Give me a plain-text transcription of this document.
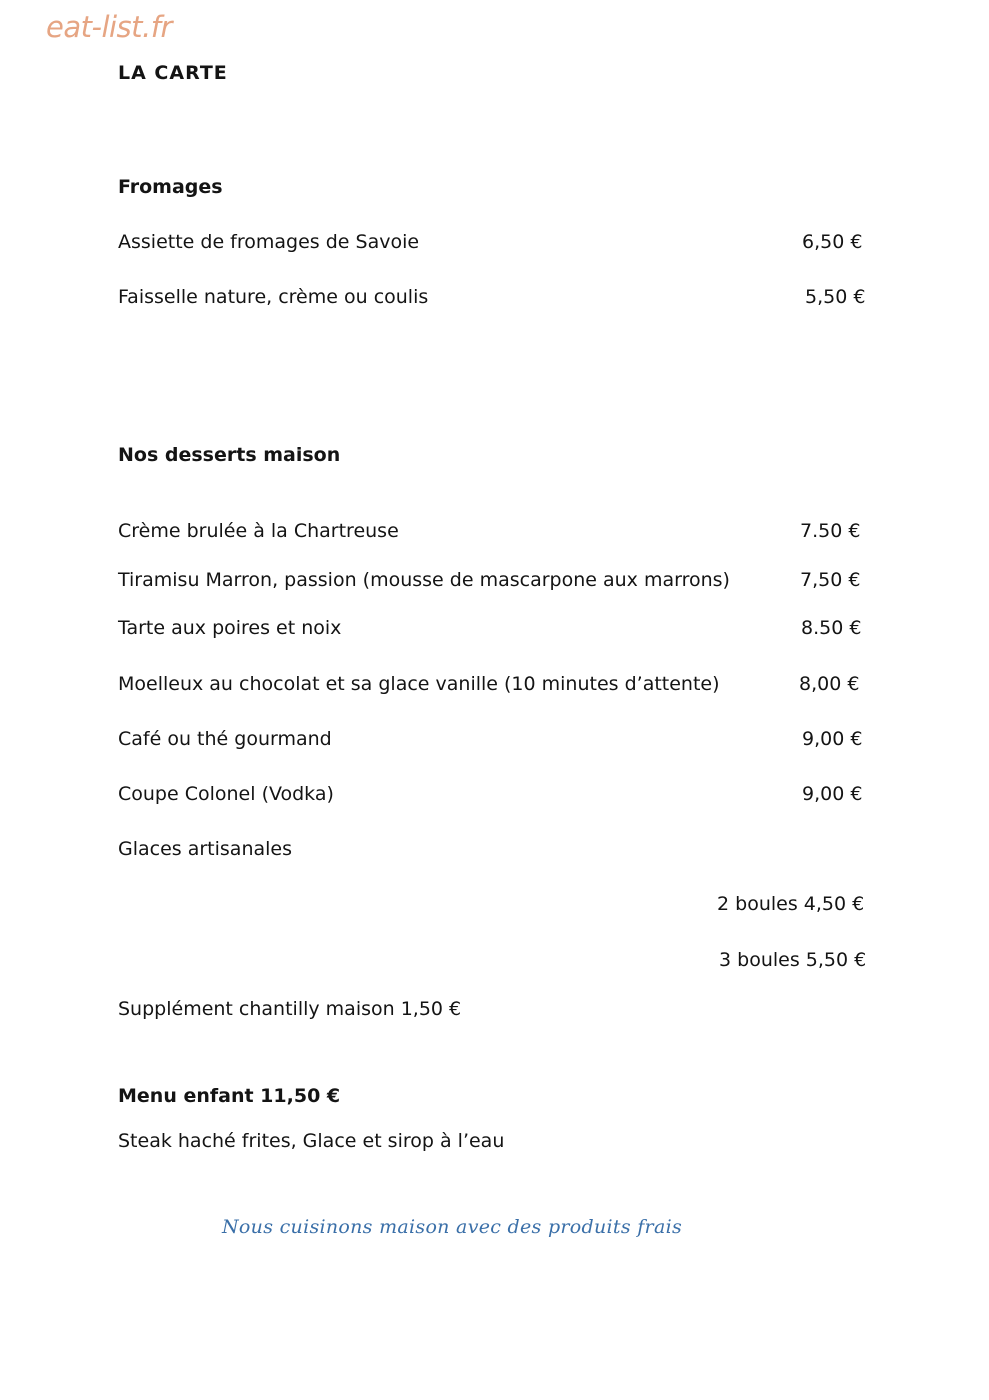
eat-list.fr
LA CARTE
Fromages
Assiette de fromages de Savoie	6,50 €
Faisselle nature, crème ou coulis	5,50 €
Nos desserts maison
Crème brulée à la Chartreuse	7.50 €
Tiramisu Marron, passion (mousse de mascarpone aux marrons)	7,50 €
Tarte aux poires et noix	8.50 €
Moelleux au chocolat et sa glace vanille (10 minutes d’attente)	8,00 €
Café ou thé gourmand	9,00 €
Coupe Colonel (Vodka)	9,00 €
Glaces artisanales
2 boules 4,50 €
3 boules 5,50 €
Supplément chantilly maison 1,50 €
Menu enfant 11,50 €
Steak haché frites, Glace et sirop à l’eau
Nous cuisinons maison avec des produits frais
